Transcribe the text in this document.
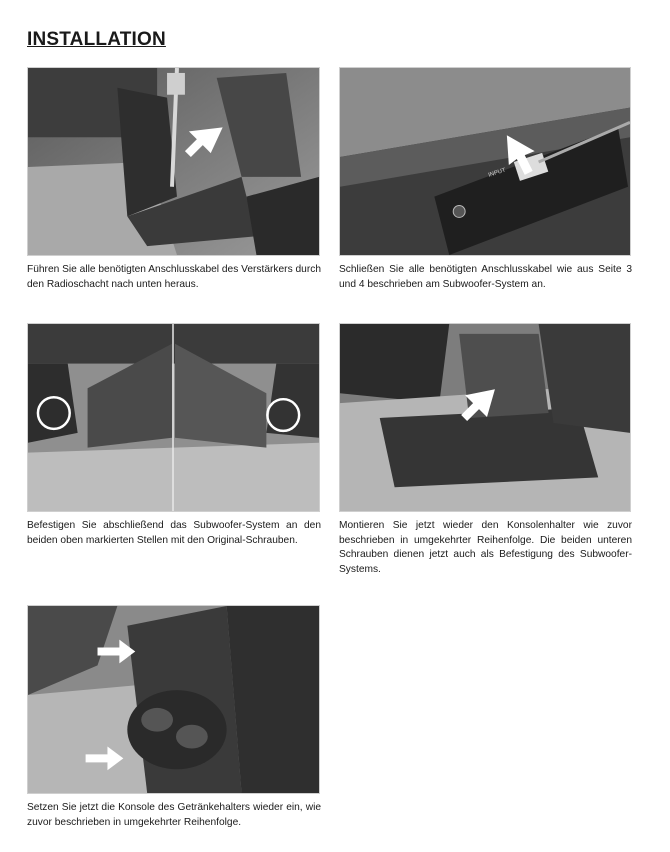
INSTALLATION
Führen Sie alle benötigten Anschlusskabel des Verstärkers durch den Radioschacht nach unten heraus.
INPUT
Schließen Sie alle benötigten Anschlusskabel wie aus Seite 3 und 4 beschrieben am Subwoofer-System an.
Befestigen Sie abschließend das Subwoofer-System an den beiden oben markierten Stellen mit den Original-Schrauben.
Montieren Sie jetzt wieder den Konsolenhalter wie zuvor beschrieben in umgekehrter Reihenfolge. Die beiden unteren Schrauben dienen jetzt auch als Befestigung des Subwoofer-Systems.
Setzen Sie jetzt die Konsole des Getränkehalters wieder ein, wie zuvor beschrieben in umgekehrter Reihenfolge.
